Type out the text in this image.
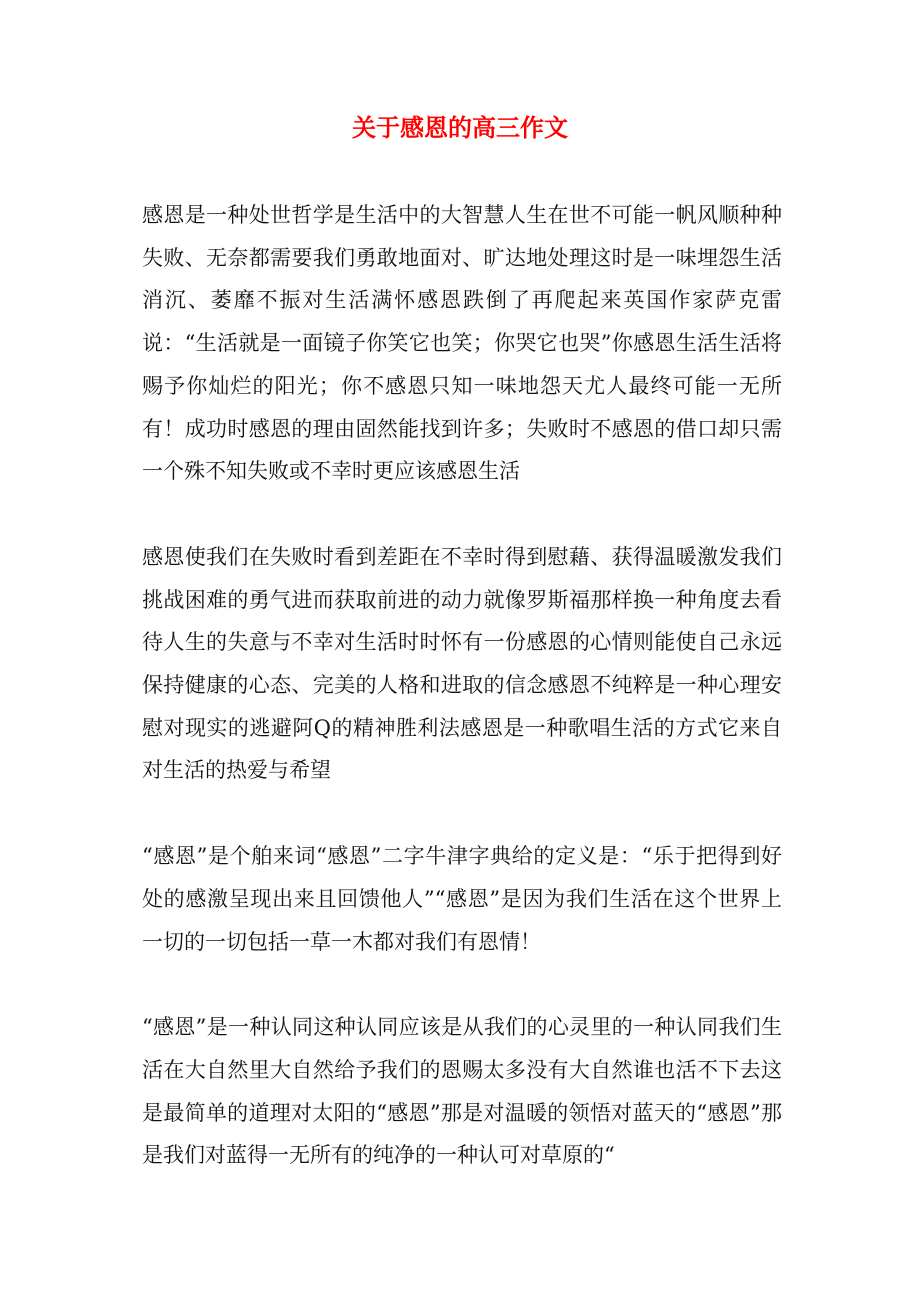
关于感恩的高三作文

感恩是一种处世哲学是生活中的大智慧人生在世不可能一帆风顺种种失败、无奈都需要我们勇敢地面对、旷达地处理这时是一味埋怨生活消沉、萎靡不振对生活满怀感恩跌倒了再爬起来英国作家萨克雷说：“生活就是一面镜子你笑它也笑；你哭它也哭”你感恩生活生活将赐予你灿烂的阳光；你不感恩只知一味地怨天尤人最终可能一无所有！成功时感恩的理由固然能找到许多；失败时不感恩的借口却只需一个殊不知失败或不幸时更应该感恩生活

感恩使我们在失败时看到差距在不幸时得到慰藉、获得温暖激发我们挑战困难的勇气进而获取前进的动力就像罗斯福那样换一种角度去看待人生的失意与不幸对生活时时怀有一份感恩的心情则能使自己永远保持健康的心态、完美的人格和进取的信念感恩不纯粹是一种心理安慰对现实的逃避阿Q的精神胜利法感恩是一种歌唱生活的方式它来自对生活的热爱与希望

“感恩”是个舶来词“感恩”二字牛津字典给的定义是：“乐于把得到好处的感激呈现出来且回馈他人”“感恩”是因为我们生活在这个世界上一切的一切包括一草一木都对我们有恩情！

“感恩”是一种认同这种认同应该是从我们的心灵里的一种认同我们生活在大自然里大自然给予我们的恩赐太多没有大自然谁也活不下去这是最简单的道理对太阳的“感恩”那是对温暖的领悟对蓝天的“感恩”那是我们对蓝得一无所有的纯净的一种认可对草原的“
